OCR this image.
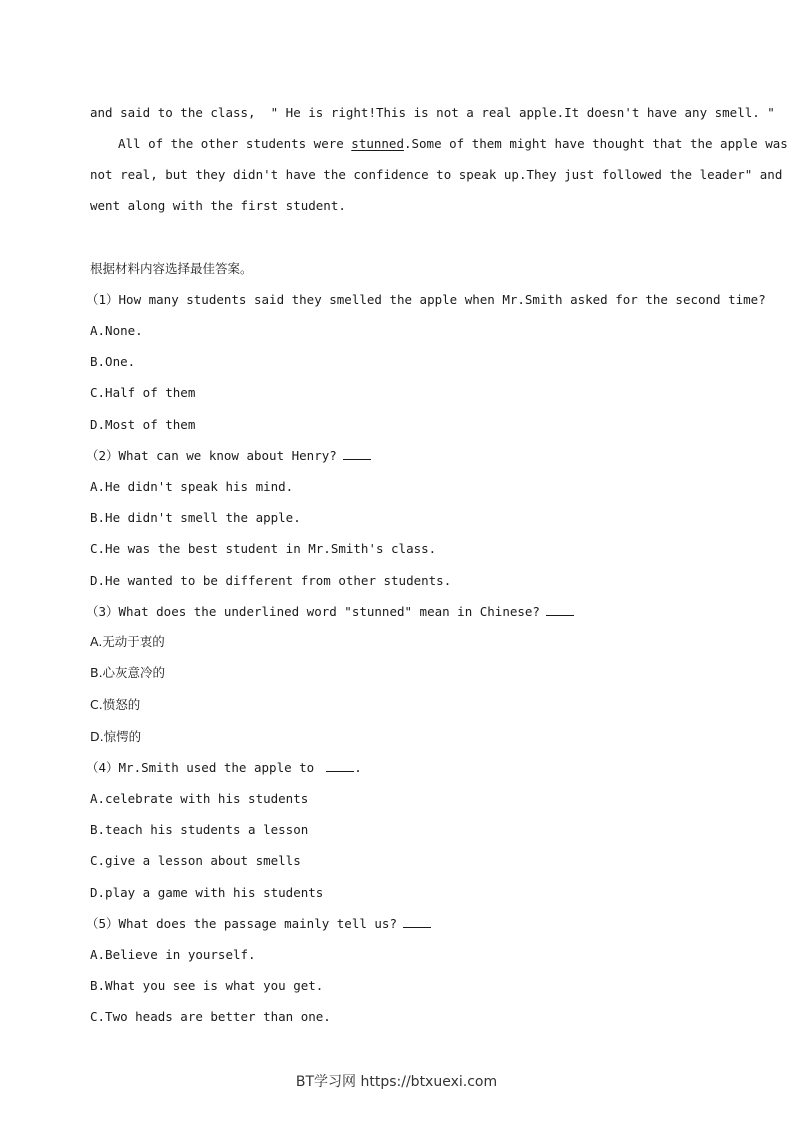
and said to the class,  " He is right!This is not a real apple.It doesn't have any smell. "
All of the other students were stunned.Some of them might have thought that the apple was
not real, but they didn't have the confidence to speak up.They just followed the leader" and
went along with the first student.
根据材料内容选择最佳答案。
（1）How many students said they smelled the apple when Mr.Smith asked for the second time?
A.None.
B.One.
C.Half of them
D.Most of them
（2）What can we know about Henry?
A.He didn't speak his mind.
B.He didn't smell the apple.
C.He was the best student in Mr.Smith's class.
D.He wanted to be different from other students.
（3）What does the underlined word "stunned" mean in Chinese?
A.无动于衷的
B.心灰意冷的
C.愤怒的
D.惊愕的
（4）Mr.Smith used the apple to	.
A.celebrate with his students
B.teach his students a lesson
C.give a lesson about smells
D.play a game with his students
（5）What does the passage mainly tell us?
A.Believe in yourself.
B.What you see is what you get.
C.Two heads are better than one.
BT学习网 https://btxuexi.com
